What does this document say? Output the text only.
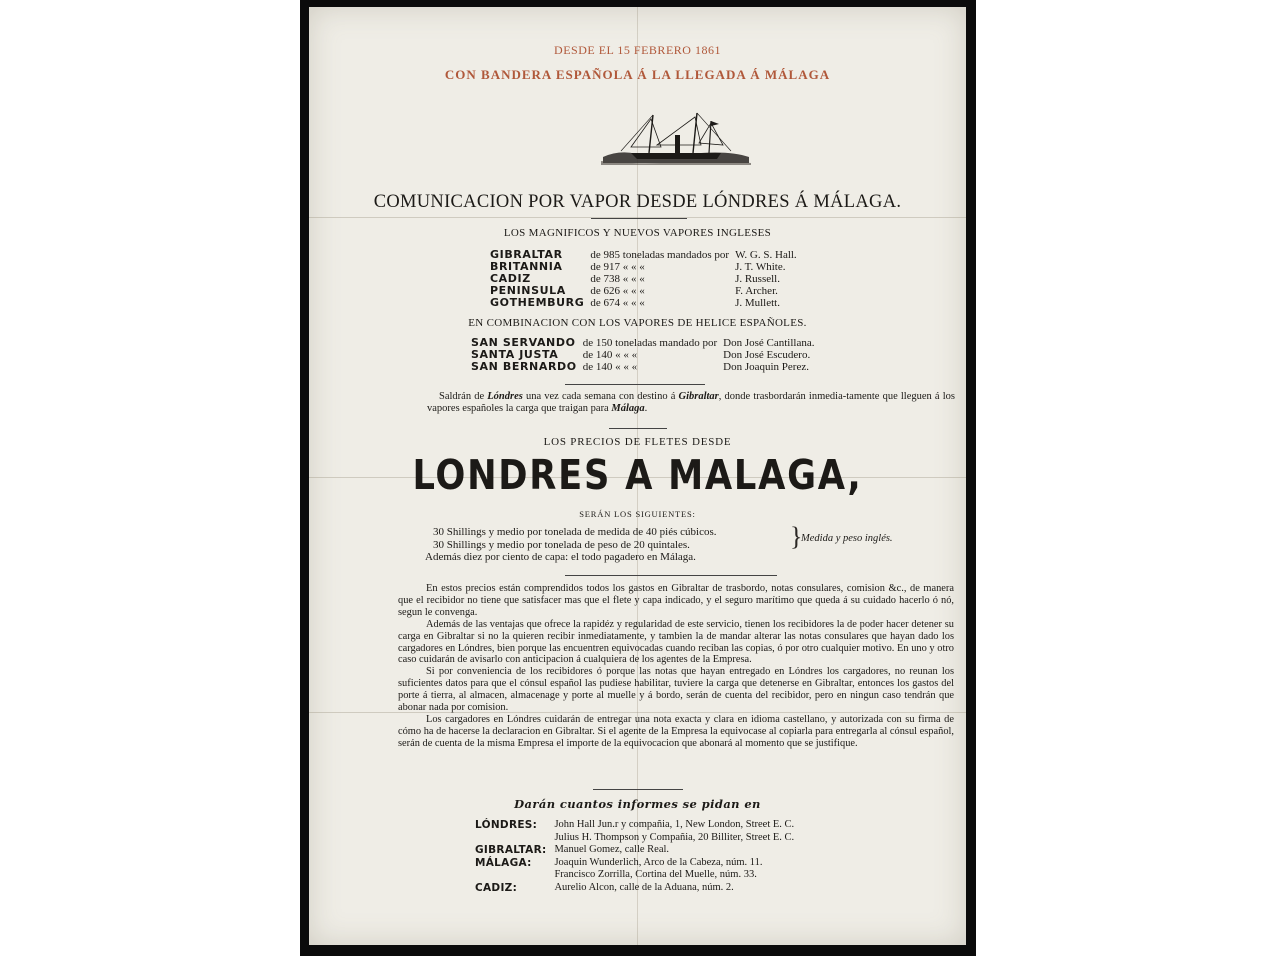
DESDE EL 15 FEBRERO 1861
CON BANDERA ESPAÑOLA Á LA LLEGADA Á MÁLAGA
COMUNICACION POR VAPOR DESDE LÓNDRES Á MÁLAGA.
LOS MAGNIFICOS Y NUEVOS VAPORES INGLESES
GIBRALTAR	de 985 toneladas mandados por	W. G. S. Hall.
BRITANNIA	de 917 « « «	J. T. White.
CADIZ	de 738 « « «	J. Russell.
PENINSULA	de 626 « « «	F. Archer.
GOTHEMBURG	de 674 « « «	J. Mullett.
EN COMBINACION CON LOS VAPORES DE HELICE ESPAÑOLES.
SAN SERVANDO	de 150 toneladas mandado por	Don José Cantillana.
SANTA JUSTA	de 140 « « «	Don José Escudero.
SAN BERNARDO	de 140 « « «	Don Joaquin Perez.
Saldrán de Lóndres una vez cada semana con destino á Gibraltar, donde trasbordarán inmedia-tamente que lleguen á los vapores españoles la carga que traigan para Málaga.
LOS PRECIOS DE FLETES DESDE
LONDRES A MALAGA,
SERÁN LOS SIGUIENTES:
30 Shillings y medio por tonelada de medida de 40 piés cúbicos.
30 Shillings y medio por tonelada de peso de 20 quintales.
Además diez por ciento de capa: el todo pagadero en Málaga.
}
Medida y peso inglés.

En estos precios están comprendidos todos los gastos en Gibraltar de trasbordo, notas consulares, comision &c., de manera que el recibidor no tiene que satisfacer mas que el flete y capa indicado, y el seguro marítimo que queda á su cuidado hacerlo ó nó, segun le convenga.

Además de las ventajas que ofrece la rapidéz y regularidad de este servicio, tienen los recibidores la de poder hacer detener su carga en Gibraltar si no la quieren recibir inmediatamente, y tambien la de mandar alterar las notas consulares que hayan dado los cargadores en Lóndres, bien porque las encuentren equivocadas cuando reciban las copias, ó por otro cualquier motivo. En uno y otro caso cuidarán de avisarlo con anticipacion á cualquiera de los agentes de la Empresa.

Si por conveniencia de los recibidores ó porque las notas que hayan entregado en Lóndres los cargadores, no reunan los suficientes datos para que el cónsul español las pudiese habilitar, tuviere la carga que detenerse en Gibraltar, entonces los gastos del porte á tierra, al almacen, almacenage y porte al muelle y á bordo, serán de cuenta del recibidor, pero en ningun caso tendrán que abonar nada por comision.

Los cargadores en Lóndres cuidarán de entregar una nota exacta y clara en idioma castellano, y autorizada con su firma de cómo ha de hacerse la declaracion en Gibraltar. Si el agente de la Empresa la equivocase al copiarla para entregarla al cónsul español, serán de cuenta de la misma Empresa el importe de la equivocacion que abonará al momento que se justifique.

Darán cuantos informes se pidan en
LÓNDRES:	John Hall Jun.r y compañia, 1, New London, Street E. C.
	Julius H. Thompson y Compañia, 20 Billiter, Street E. C.
GIBRALTAR:	Manuel Gomez, calle Real.
MÁLAGA:	Joaquin Wunderlich, Arco de la Cabeza, núm. 11.
	Francisco Zorrilla, Cortina del Muelle, núm. 33.
CADIZ:	Aurelio Alcon, calle de la Aduana, núm. 2.
